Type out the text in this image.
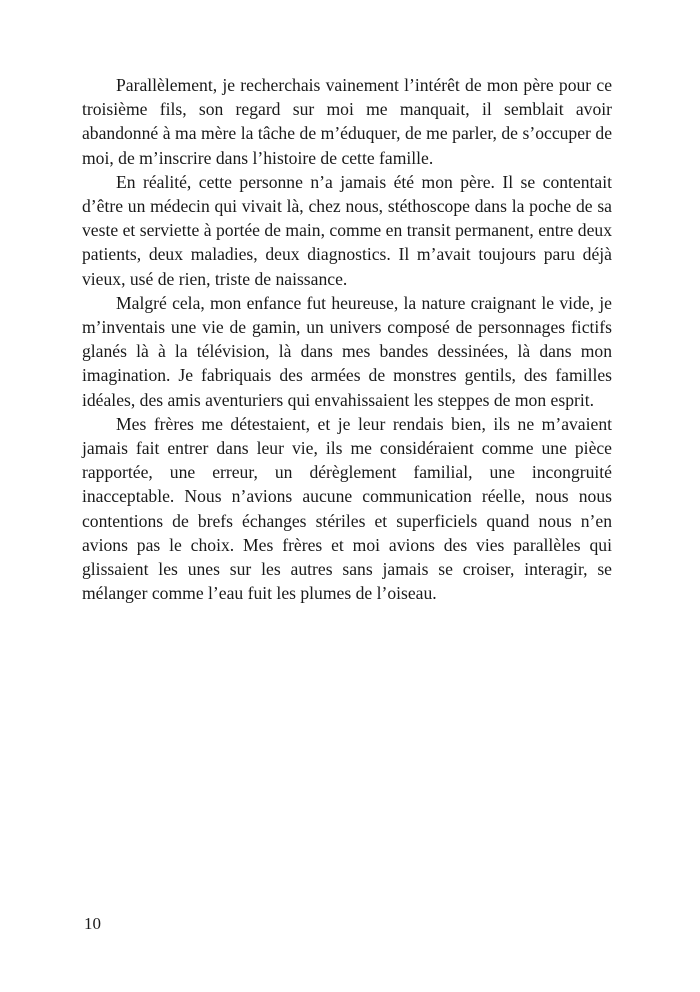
Parallèlement, je recherchais vainement l’intérêt de mon père pour ce troisième fils, son regard sur moi me manquait, il semblait avoir abandonné à ma mère la tâche de m’éduquer, de me parler, de s’occuper de moi, de m’inscrire dans l’histoire de cette famille.

En réalité, cette personne n’a jamais été mon père. Il se contentait d’être un médecin qui vivait là, chez nous, stéthoscope dans la poche de sa veste et serviette à portée de main, comme en transit permanent, entre deux patients, deux maladies, deux diagnostics. Il m’avait toujours paru déjà vieux, usé de rien, triste de naissance.

Malgré cela, mon enfance fut heureuse, la nature craignant le vide, je m’inventais une vie de gamin, un univers composé de personnages fictifs glanés là à la télévision, là dans mes bandes dessinées, là dans mon imagination. Je fabriquais des armées de monstres gentils, des familles idéales, des amis aventuriers qui envahissaient les steppes de mon esprit.

Mes frères me détestaient, et je leur rendais bien, ils ne m’avaient jamais fait entrer dans leur vie, ils me considéraient comme une pièce rapportée, une erreur, un dérèglement familial, une incongruité inacceptable. Nous n’avions aucune communication réelle, nous nous contentions de brefs échanges stériles et superficiels quand nous n’en avions pas le choix. Mes frères et moi avions des vies parallèles qui glissaient les unes sur les autres sans jamais se croiser, interagir, se mélanger comme l’eau fuit les plumes de l’oiseau.

10
